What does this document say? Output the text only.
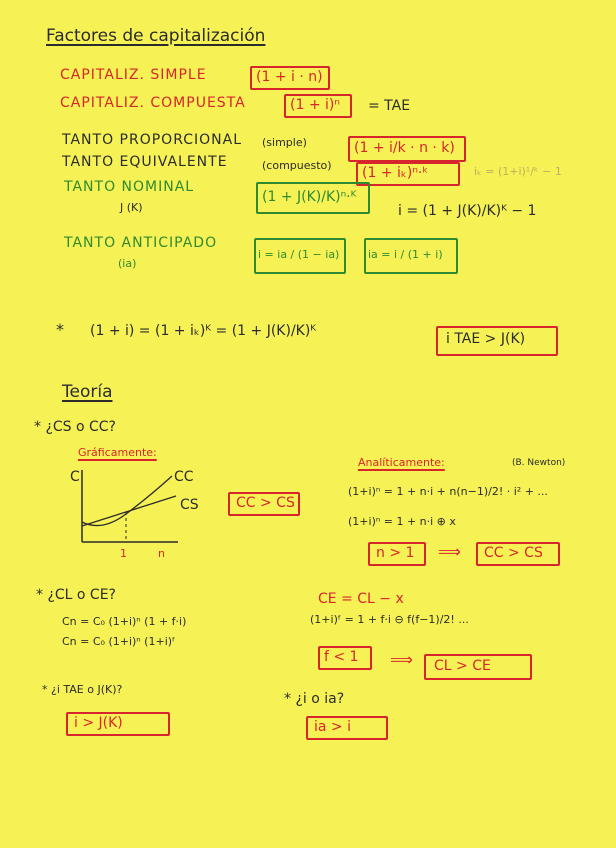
Factores de capitalización
CAPITALIZ. SIMPLE	(1 + i · n)
CAPITALIZ. COMPUESTA	(1 + i)ⁿ = TAE
TANTO PROPORCIONAL (simple)	(1 + i/k · n · k)
TANTO EQUIVALENTE	(compuesto) (1 + iₖ)ⁿ·ᵏ	iₖ = (1+i)¹/ᵏ − 1
TANTO NOMINAL
J (K)
(1 + J(K)/K)ⁿ·ᴷ
i = (1 + J(K)/K)ᴷ − 1
TANTO ANTICIPADO
(ia)
i = ia / (1 − ia)	ia = i / (1 + i)
* (1 + i) = (1 + iₖ)ᴷ = (1 + J(K)/K)ᴷ	i TAE > J(K)
Teoría
* ¿CS o CC?
Gráficamente:
C	CC
CS
1	n
CC > CS
Analíticamente:	(B. Newton)
(1+i)ⁿ = 1 + n·i + n(n−1)/2! · i² + ...
(1+i)ⁿ = 1 + n·i ⊕ x
n > 1 ⟹ CC > CS
* ¿CL o CE?
Cn = C₀ (1+i)ⁿ (1 + f·i)
Cn = C₀ (1+i)ⁿ (1+i)ᶠ
CE = CL − x
(1+i)ᶠ = 1 + f·i ⊖ f(f−1)/2! ...
f < 1 ⟹ CL > CE
* ¿i TAE o J(K)?
i > J(K)
* ¿i o ia?
ia > i
